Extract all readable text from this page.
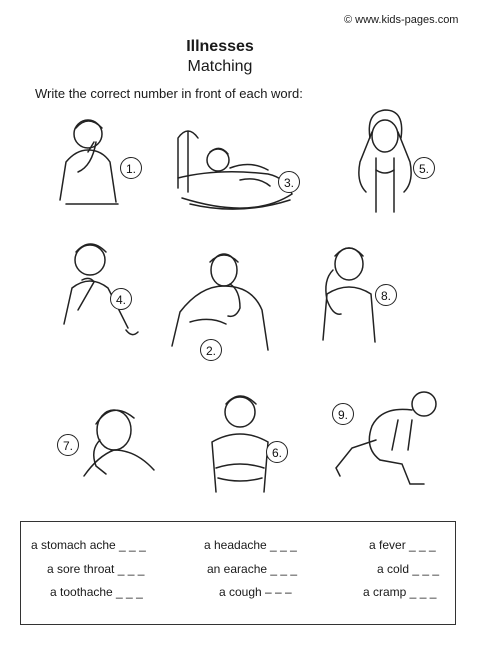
© www.kids-pages.com
Illnesses
Matching
Write the correct number in front of each word:
1.
3.
5.
4.
2.
8.
7.	6.
9.
a stomach ache _ _ _	a headache _ _ _	a fever _ _ _
a sore throat _ _ _	an earache _ _ _	a cold _ _ _
a toothache _ _ _	a cough – – –	a cramp _ _ _
